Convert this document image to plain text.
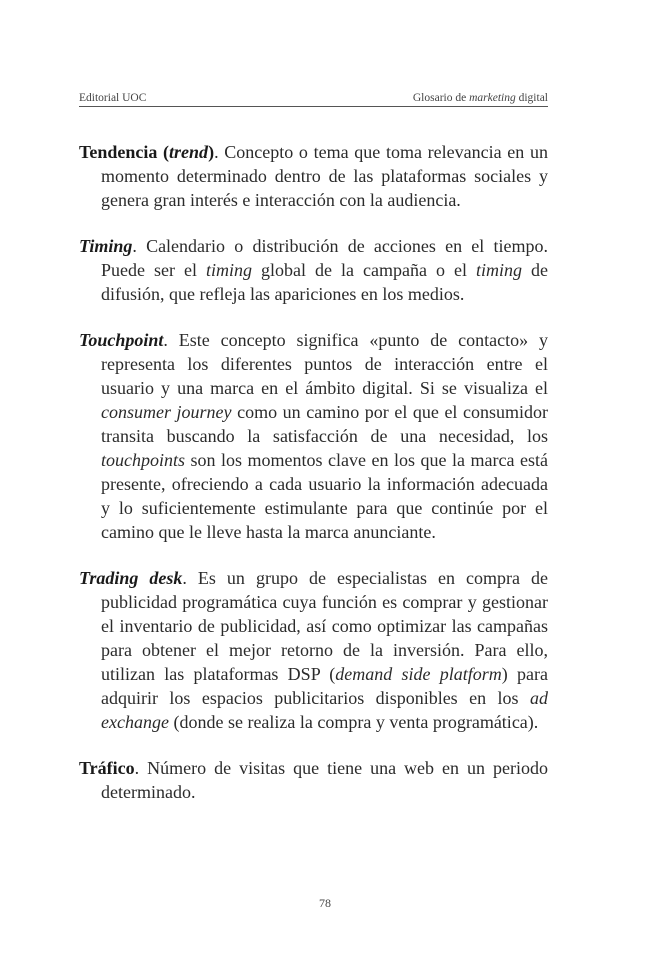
Editorial UOC	Glosario de marketing digital

Tendencia (trend). Concepto o tema que toma relevancia en un momento determinado dentro de las plataformas sociales y genera gran interés e interacción con la audiencia.

Timing. Calendario o distribución de acciones en el tiempo. Puede ser el timing global de la campaña o el timing de difusión, que refleja las apariciones en los medios.

Touchpoint. Este concepto significa «punto de contacto» y representa los diferentes puntos de interacción entre el usuario y una marca en el ámbito digital. Si se visualiza el consumer journey como un camino por el que el consumidor transita buscando la satisfacción de una necesidad, los touchpoints son los momentos clave en los que la marca está presente, ofreciendo a cada usuario la información adecuada y lo suficientemente estimulante para que continúe por el camino que le lleve hasta la marca anunciante.

Trading desk. Es un grupo de especialistas en compra de publicidad programática cuya función es comprar y gestionar el inventario de publicidad, así como optimizar las campañas para obtener el mejor retorno de la inversión. Para ello, utilizan las plataformas DSP (demand side platform) para adquirir los espacios publicitarios disponibles en los ad exchange (donde se realiza la compra y venta programática).

Tráfico. Número de visitas que tiene una web en un periodo determinado.

78
